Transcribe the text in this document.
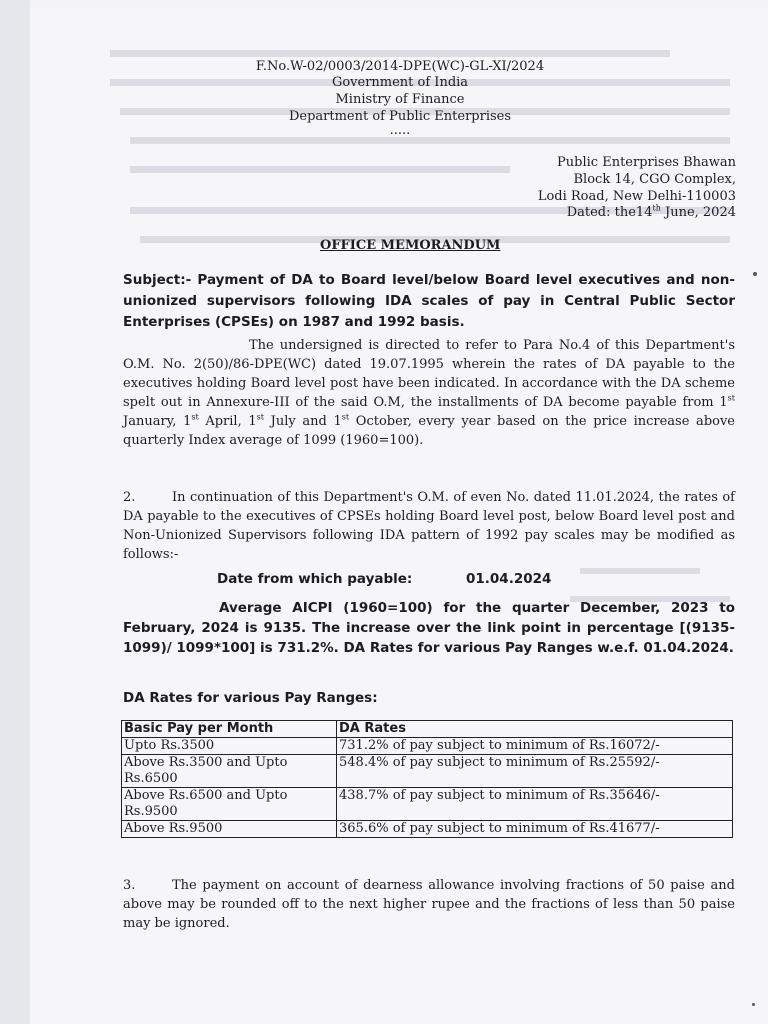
F.No.W-02/0003/2014-DPE(WC)-GL-XI/2024
Government of India
Ministry of Finance
Department of Public Enterprises
.....
Public Enterprises Bhawan
Block 14, CGO Complex,
Lodi Road, New Delhi-110003
Dated: the14th June, 2024
OFFICE MEMORANDUM
Subject:- Payment of DA to Board level/below Board level executives and non-unionized supervisors following IDA scales of pay in Central Public Sector Enterprises (CPSEs) on 1987 and 1992 basis.
The undersigned is directed to refer to Para No.4 of this Department's O.M. No. 2(50)/86-DPE(WC) dated 19.07.1995 wherein the rates of DA payable to the executives holding Board level post have been indicated. In accordance with the DA scheme spelt out in Annexure-III of the said O.M, the installments of DA become payable from 1st January, 1st April, 1st July and 1st October, every year based on the price increase above quarterly Index average of 1099 (1960=100).
2.	In continuation of this Department's O.M. of even No. dated 11.01.2024, the rates of DA payable to the executives of CPSEs holding Board level post, below Board level post and Non-Unionized Supervisors following IDA pattern of 1992 pay scales may be modified as follows:-
Date from which payable:	01.04.2024
Average AICPI (1960=100) for the quarter December, 2023 to February, 2024 is 9135. The increase over the link point in percentage [(9135-1099)/ 1099*100] is 731.2%. DA Rates for various Pay Ranges w.e.f. 01.04.2024.
DA Rates for various Pay Ranges:
Basic Pay per Month	DA Rates
Upto Rs.3500	731.2% of pay subject to minimum of Rs.16072/-
Above Rs.3500 and Upto Rs.6500	548.4% of pay subject to minimum of Rs.25592/-
Above Rs.6500 and Upto Rs.9500	438.7% of pay subject to minimum of Rs.35646/-
Above Rs.9500	365.6% of pay subject to minimum of Rs.41677/-
3.	The payment on account of dearness allowance involving fractions of 50 paise and above may be rounded off to the next higher rupee and the fractions of less than 50 paise may be ignored.
